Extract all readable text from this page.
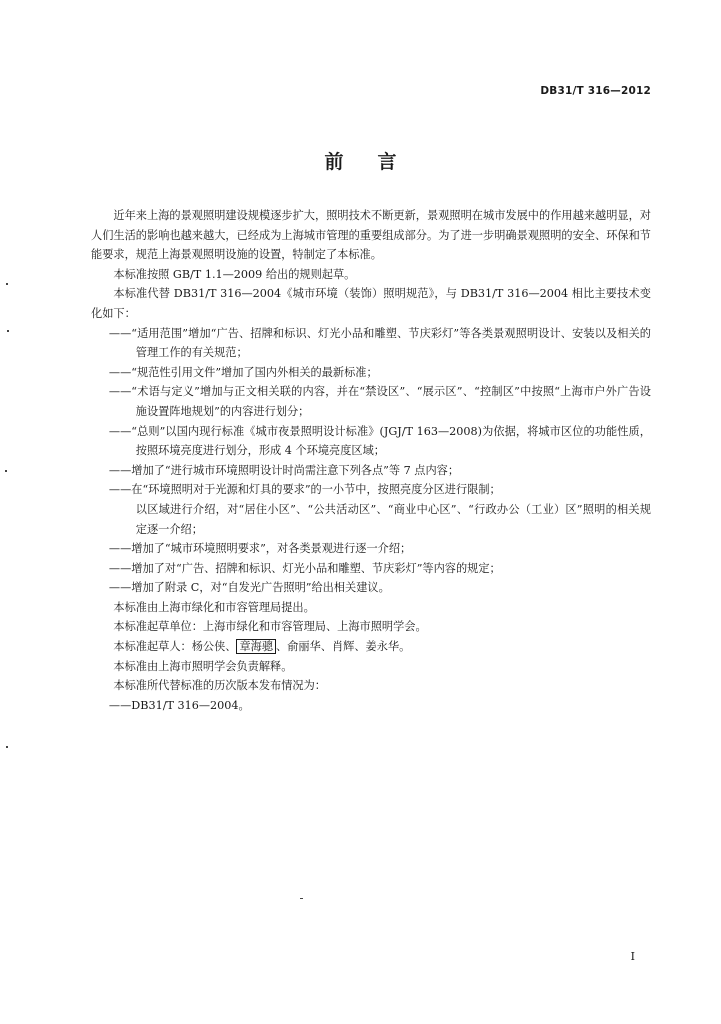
DB31/T 316—2012
前言

近年来上海的景观照明建设规模逐步扩大，照明技术不断更新，景观照明在城市发展中的作用越来越明显，对人们生活的影响也越来越大，已经成为上海城市管理的重要组成部分。为了进一步明确景观照明的安全、环保和节能要求，规范上海景观照明设施的设置，特制定了本标准。

本标准按照 GB/T 1.1—2009 给出的规则起草。

本标准代替 DB31/T 316—2004《城市环境（装饰）照明规范》，与 DB31/T 316—2004 相比主要技术变化如下：

——“适用范围”增加“广告、招牌和标识、灯光小品和雕塑、节庆彩灯”等各类景观照明设计、安装以及相关的管理工作的有关规范；

——“规范性引用文件”增加了国内外相关的最新标准；

——“术语与定义”增加与正文相关联的内容，并在“禁设区”、“展示区”、“控制区”中按照“上海市户外广告设施设置阵地规划”的内容进行划分；

——“总则”以国内现行标准《城市夜景照明设计标准》(JGJ/T 163—2008)为依据，将城市区位的功能性质，按照环境亮度进行划分，形成 4 个环境亮度区域；

——增加了“进行城市环境照明设计时尚需注意下列各点”等 7 点内容；

——在“环境照明对于光源和灯具的要求”的一小节中，按照亮度分区进行限制；

以区域进行介绍，对“居住小区”、“公共活动区”、“商业中心区”、“行政办公（工业）区”照明的相关规定逐一介绍；

——增加了“城市环境照明要求”，对各类景观进行逐一介绍；

——增加了对“广告、招牌和标识、灯光小品和雕塑、节庆彩灯”等内容的规定；

——增加了附录 C，对“自发光广告照明”给出相关建议。

本标准由上海市绿化和市容管理局提出。

本标准起草单位：上海市绿化和市容管理局、上海市照明学会。

本标准起草人：杨公侠、 章海骢 、俞丽华、肖辉、姜永华。

本标准由上海市照明学会负责解释。

本标准所代替标准的历次版本发布情况为：

——DB31/T 316—2004。

I
